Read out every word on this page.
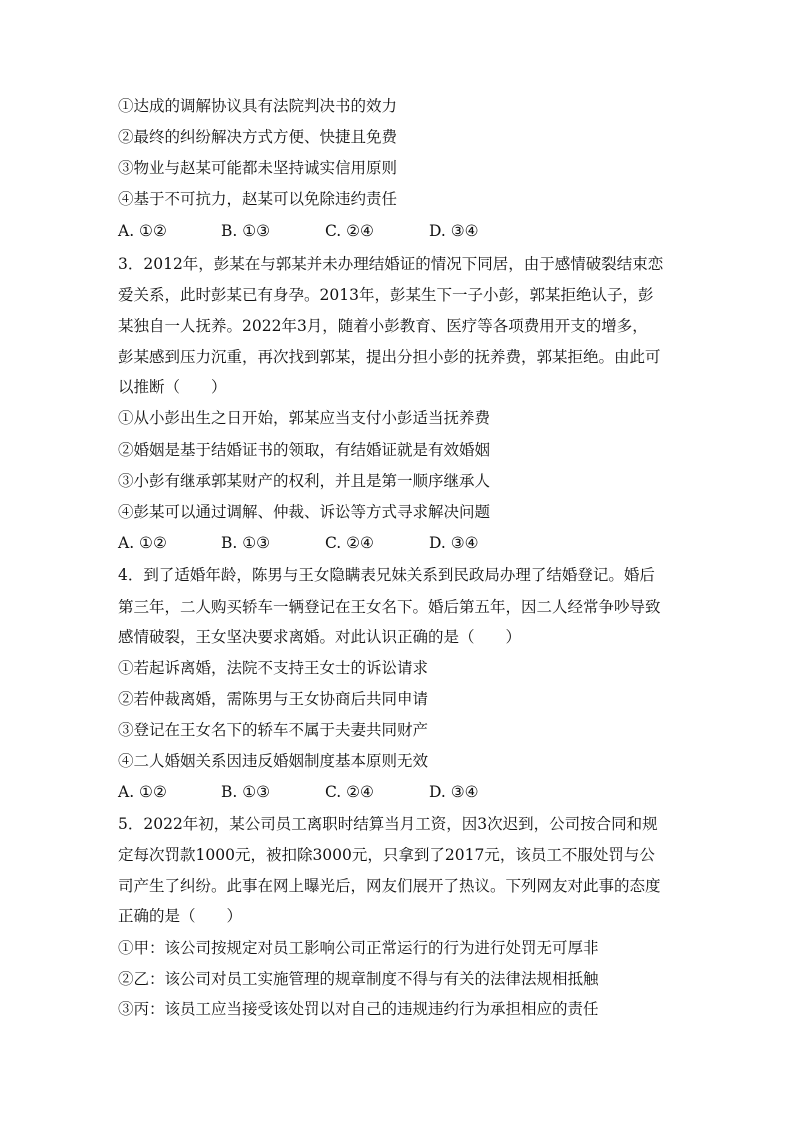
①达成的调解协议具有法院判决书的效力
②最终的纠纷解决方式方便、快捷且免费
③物业与赵某可能都未坚持诚实信用原则
④基于不可抗力，赵某可以免除违约责任
A. ①②	B. ①③	C. ②④	D. ③④
3．2012年，彭某在与郭某并未办理结婚证的情况下同居，由于感情破裂结束恋
爱关系，此时彭某已有身孕。2013年，彭某生下一子小彭，郭某拒绝认子，彭
某独自一人抚养。2022年3月，随着小彭教育、医疗等各项费用开支的增多，
彭某感到压力沉重，再次找到郭某，提出分担小彭的抚养费，郭某拒绝。由此可
以推断（　　）
①从小彭出生之日开始，郭某应当支付小彭适当抚养费
②婚姻是基于结婚证书的领取，有结婚证就是有效婚姻
③小彭有继承郭某财产的权利，并且是第一顺序继承人
④彭某可以通过调解、仲裁、诉讼等方式寻求解决问题
A. ①②	B. ①③	C. ②④	D. ③④
4．到了适婚年龄，陈男与王女隐瞒表兄妹关系到民政局办理了结婚登记。婚后
第三年，二人购买轿车一辆登记在王女名下。婚后第五年，因二人经常争吵导致
感情破裂，王女坚决要求离婚。对此认识正确的是（　　）
①若起诉离婚，法院不支持王女士的诉讼请求
②若仲裁离婚，需陈男与王女协商后共同申请
③登记在王女名下的轿车不属于夫妻共同财产
④二人婚姻关系因违反婚姻制度基本原则无效
A. ①②	B. ①③	C. ②④	D. ③④
5．2022年初，某公司员工离职时结算当月工资，因3次迟到，公司按合同和规
定每次罚款1000元，被扣除3000元，只拿到了2017元，该员工不服处罚与公
司产生了纠纷。此事在网上曝光后，网友们展开了热议。下列网友对此事的态度
正确的是（　　）
①甲：该公司按规定对员工影响公司正常运行的行为进行处罚无可厚非
②乙：该公司对员工实施管理的规章制度不得与有关的法律法规相抵触
③丙：该员工应当接受该处罚以对自己的违规违约行为承担相应的责任
